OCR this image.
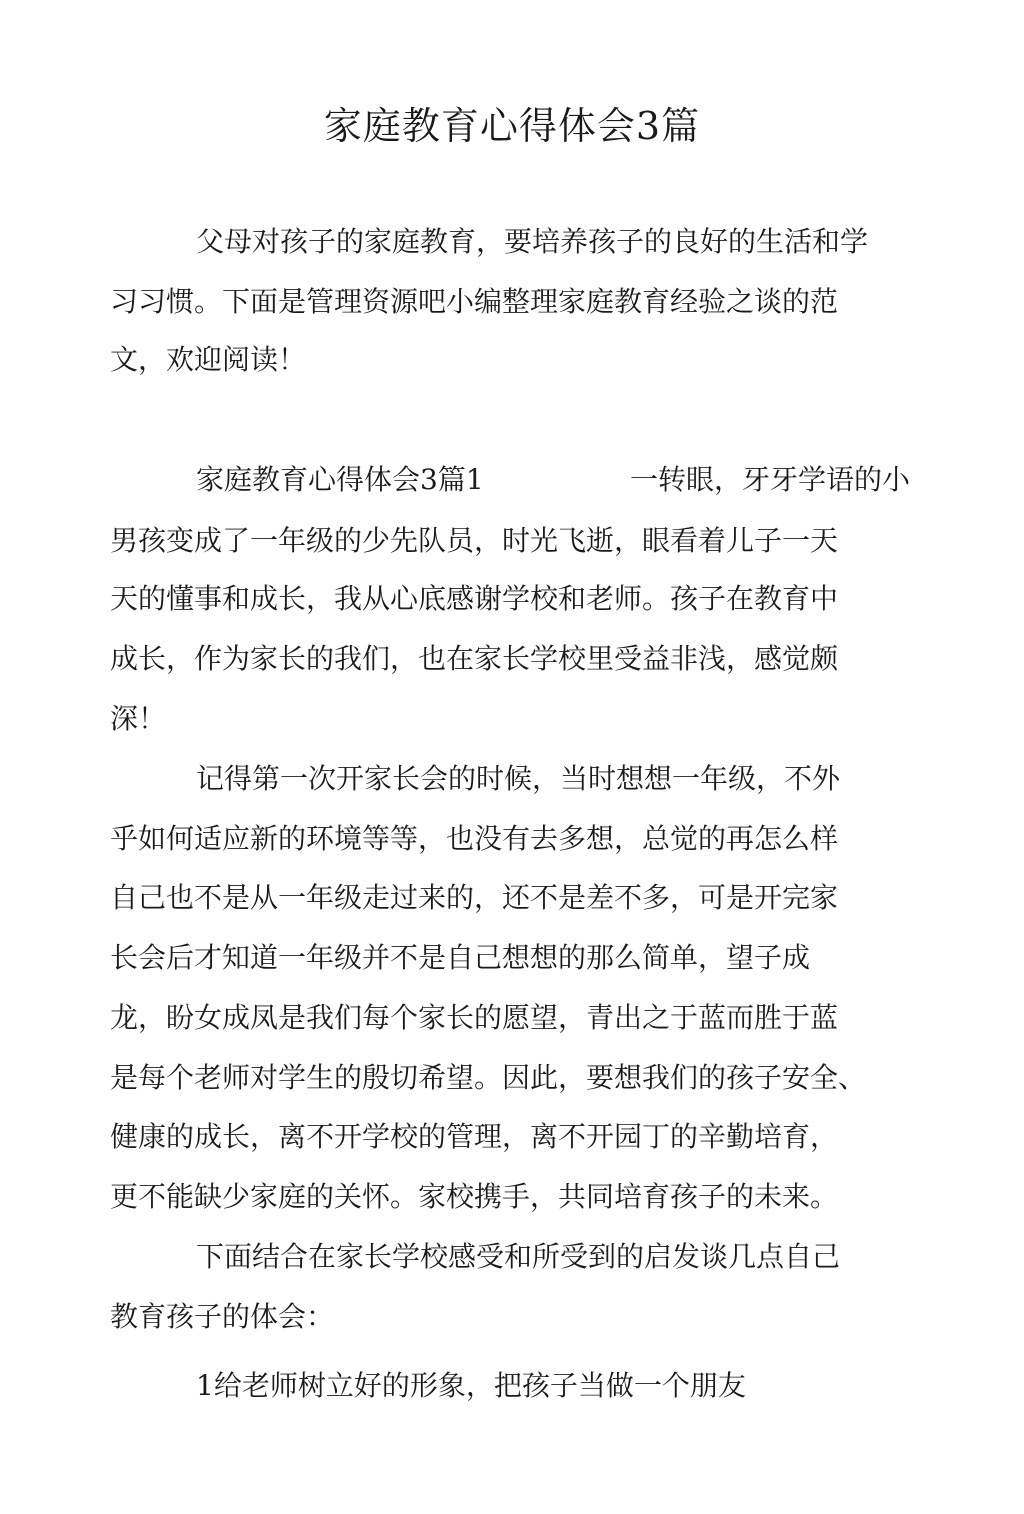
家庭教育心得体会3篇

父母对孩子的家庭教育，要培养孩子的良好的生活和学

习习惯。下面是管理资源吧小编整理家庭教育经验之谈的范

文，欢迎阅读！

家庭教育心得体会3篇1	一转眼，牙牙学语的小

男孩变成了一年级的少先队员，时光飞逝，眼看着儿子一天

天的懂事和成长，我从心底感谢学校和老师。孩子在教育中

成长，作为家长的我们，也在家长学校里受益非浅，感觉颇

深！

记得第一次开家长会的时候，当时想想一年级，不外

乎如何适应新的环境等等，也没有去多想，总觉的再怎么样

自己也不是从一年级走过来的，还不是差不多，可是开完家

长会后才知道一年级并不是自己想想的那么简单，望子成

龙，盼女成凤是我们每个家长的愿望，青出之于蓝而胜于蓝

是每个老师对学生的殷切希望。因此，要想我们的孩子安全、

健康的成长，离不开学校的管理，离不开园丁的辛勤培育，

更不能缺少家庭的关怀。家校携手，共同培育孩子的未来。

下面结合在家长学校感受和所受到的启发谈几点自己

教育孩子的体会：

1给老师树立好的形象，把孩子当做一个朋友
